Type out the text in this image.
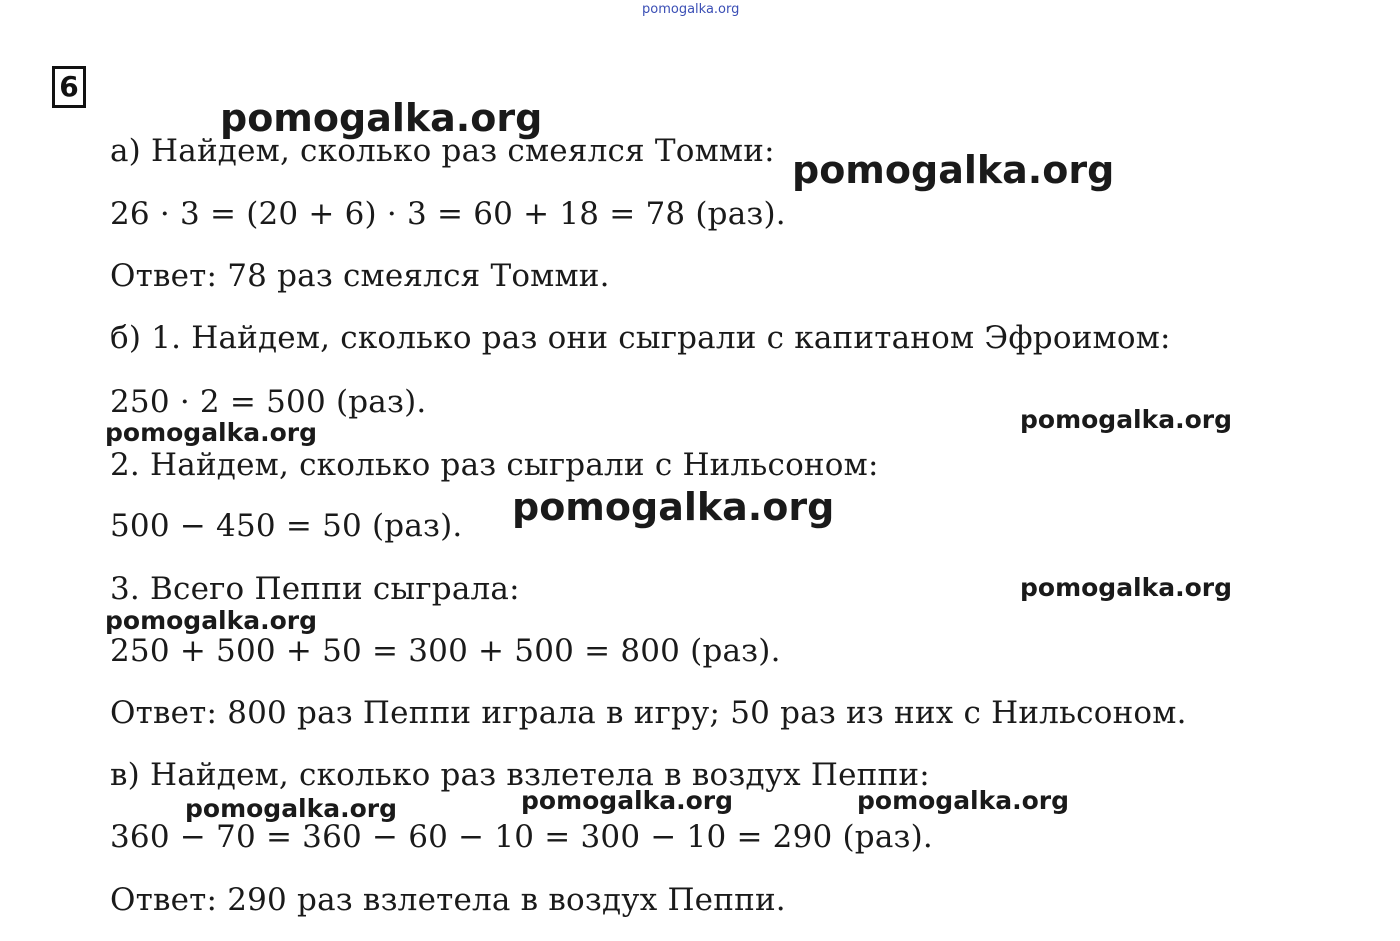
pomogalka.org
6
а) Найдем, сколько раз смеялся Томми:
26 · 3 = (20 + 6) · 3 = 60 + 18 = 78 (раз).
Ответ: 78 раз смеялся Томми.
б) 1. Найдем, сколько раз они сыграли с капитаном Эфроимом:
250 · 2 = 500 (раз).
2. Найдем, сколько раз сыграли с Нильсоном:
500 − 450 = 50 (раз).
3. Всего Пеппи сыграла:
250 + 500 + 50 = 300 + 500 = 800 (раз).
Ответ: 800 раз Пеппи играла в игру; 50 раз из них с Нильсоном.
в) Найдем, сколько раз взлетела в воздух Пеппи:
360 − 70 = 360 − 60 − 10 = 300 − 10 = 290 (раз).
Ответ: 290 раз взлетела в воздух Пеппи.
pomogalka.org
pomogalka.org
pomogalka.org
pomogalka.org
pomogalka.org
pomogalka.org
pomogalka.org
pomogalka.org	pomogalka.org	pomogalka.org
